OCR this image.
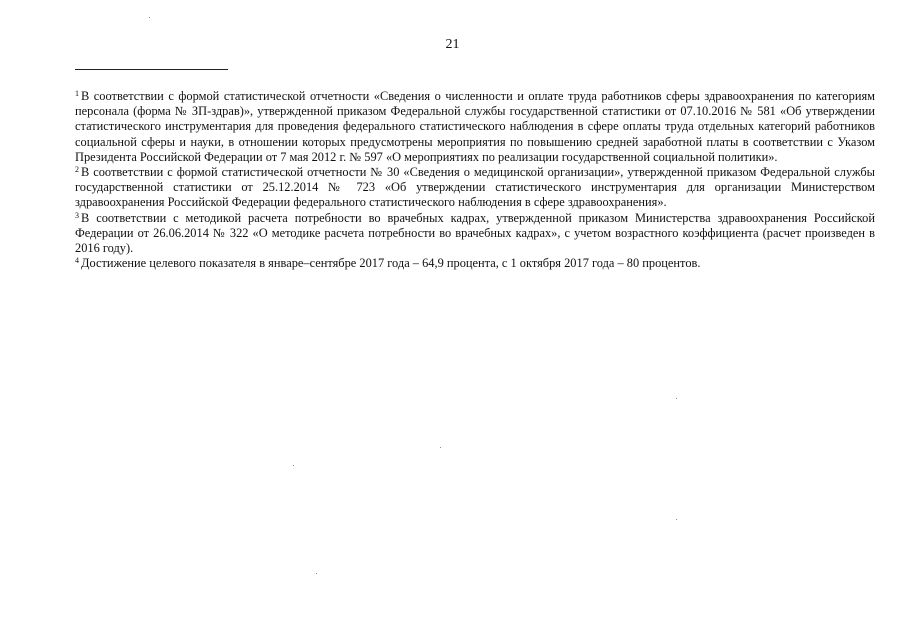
21

$^1$ В соответствии с формой статистической отчетности «Сведения о численности и оплате труда работников сферы здравоохранения по категориям персонала (форма № ЗП-здрав)», утвержденной приказом Федеральной службы государственной статистики от 07.10.2016 № 581 «Об утверждении статистического инструментария для проведения федерального статистического наблюдения в сфере оплаты труда отдельных категорий работников социальной сферы и науки, в отношении которых предусмотрены мероприятия по повышению средней заработной платы в соответствии с Указом Президента Российской Федерации от 7 мая 2012 г. № 597 «О мероприятиях по реализации государственной социальной политики».

$^2$ В соответствии с формой статистической отчетности № 30 «Сведения о медицинской организации», утвержденной приказом Федеральной службы государственной статистики от 25.12.2014 № 723 «Об утверждении статистического инструментария для организации Министерством здравоохранения Российской Федерации федерального статистического наблюдения в сфере здравоохранения».

$^3$ В соответствии с методикой расчета потребности во врачебных кадрах, утвержденной приказом Министерства здравоохранения Российской Федерации от 26.06.2014 № 322 «О методике расчета потребности во врачебных кадрах», с учетом возрастного коэффициента (расчет произведен в 2016 году).

$^4$ Достижение целевого показателя в январе–сентябре 2017 года – 64,9 процента, с 1 октября 2017 года – 80 процентов.
